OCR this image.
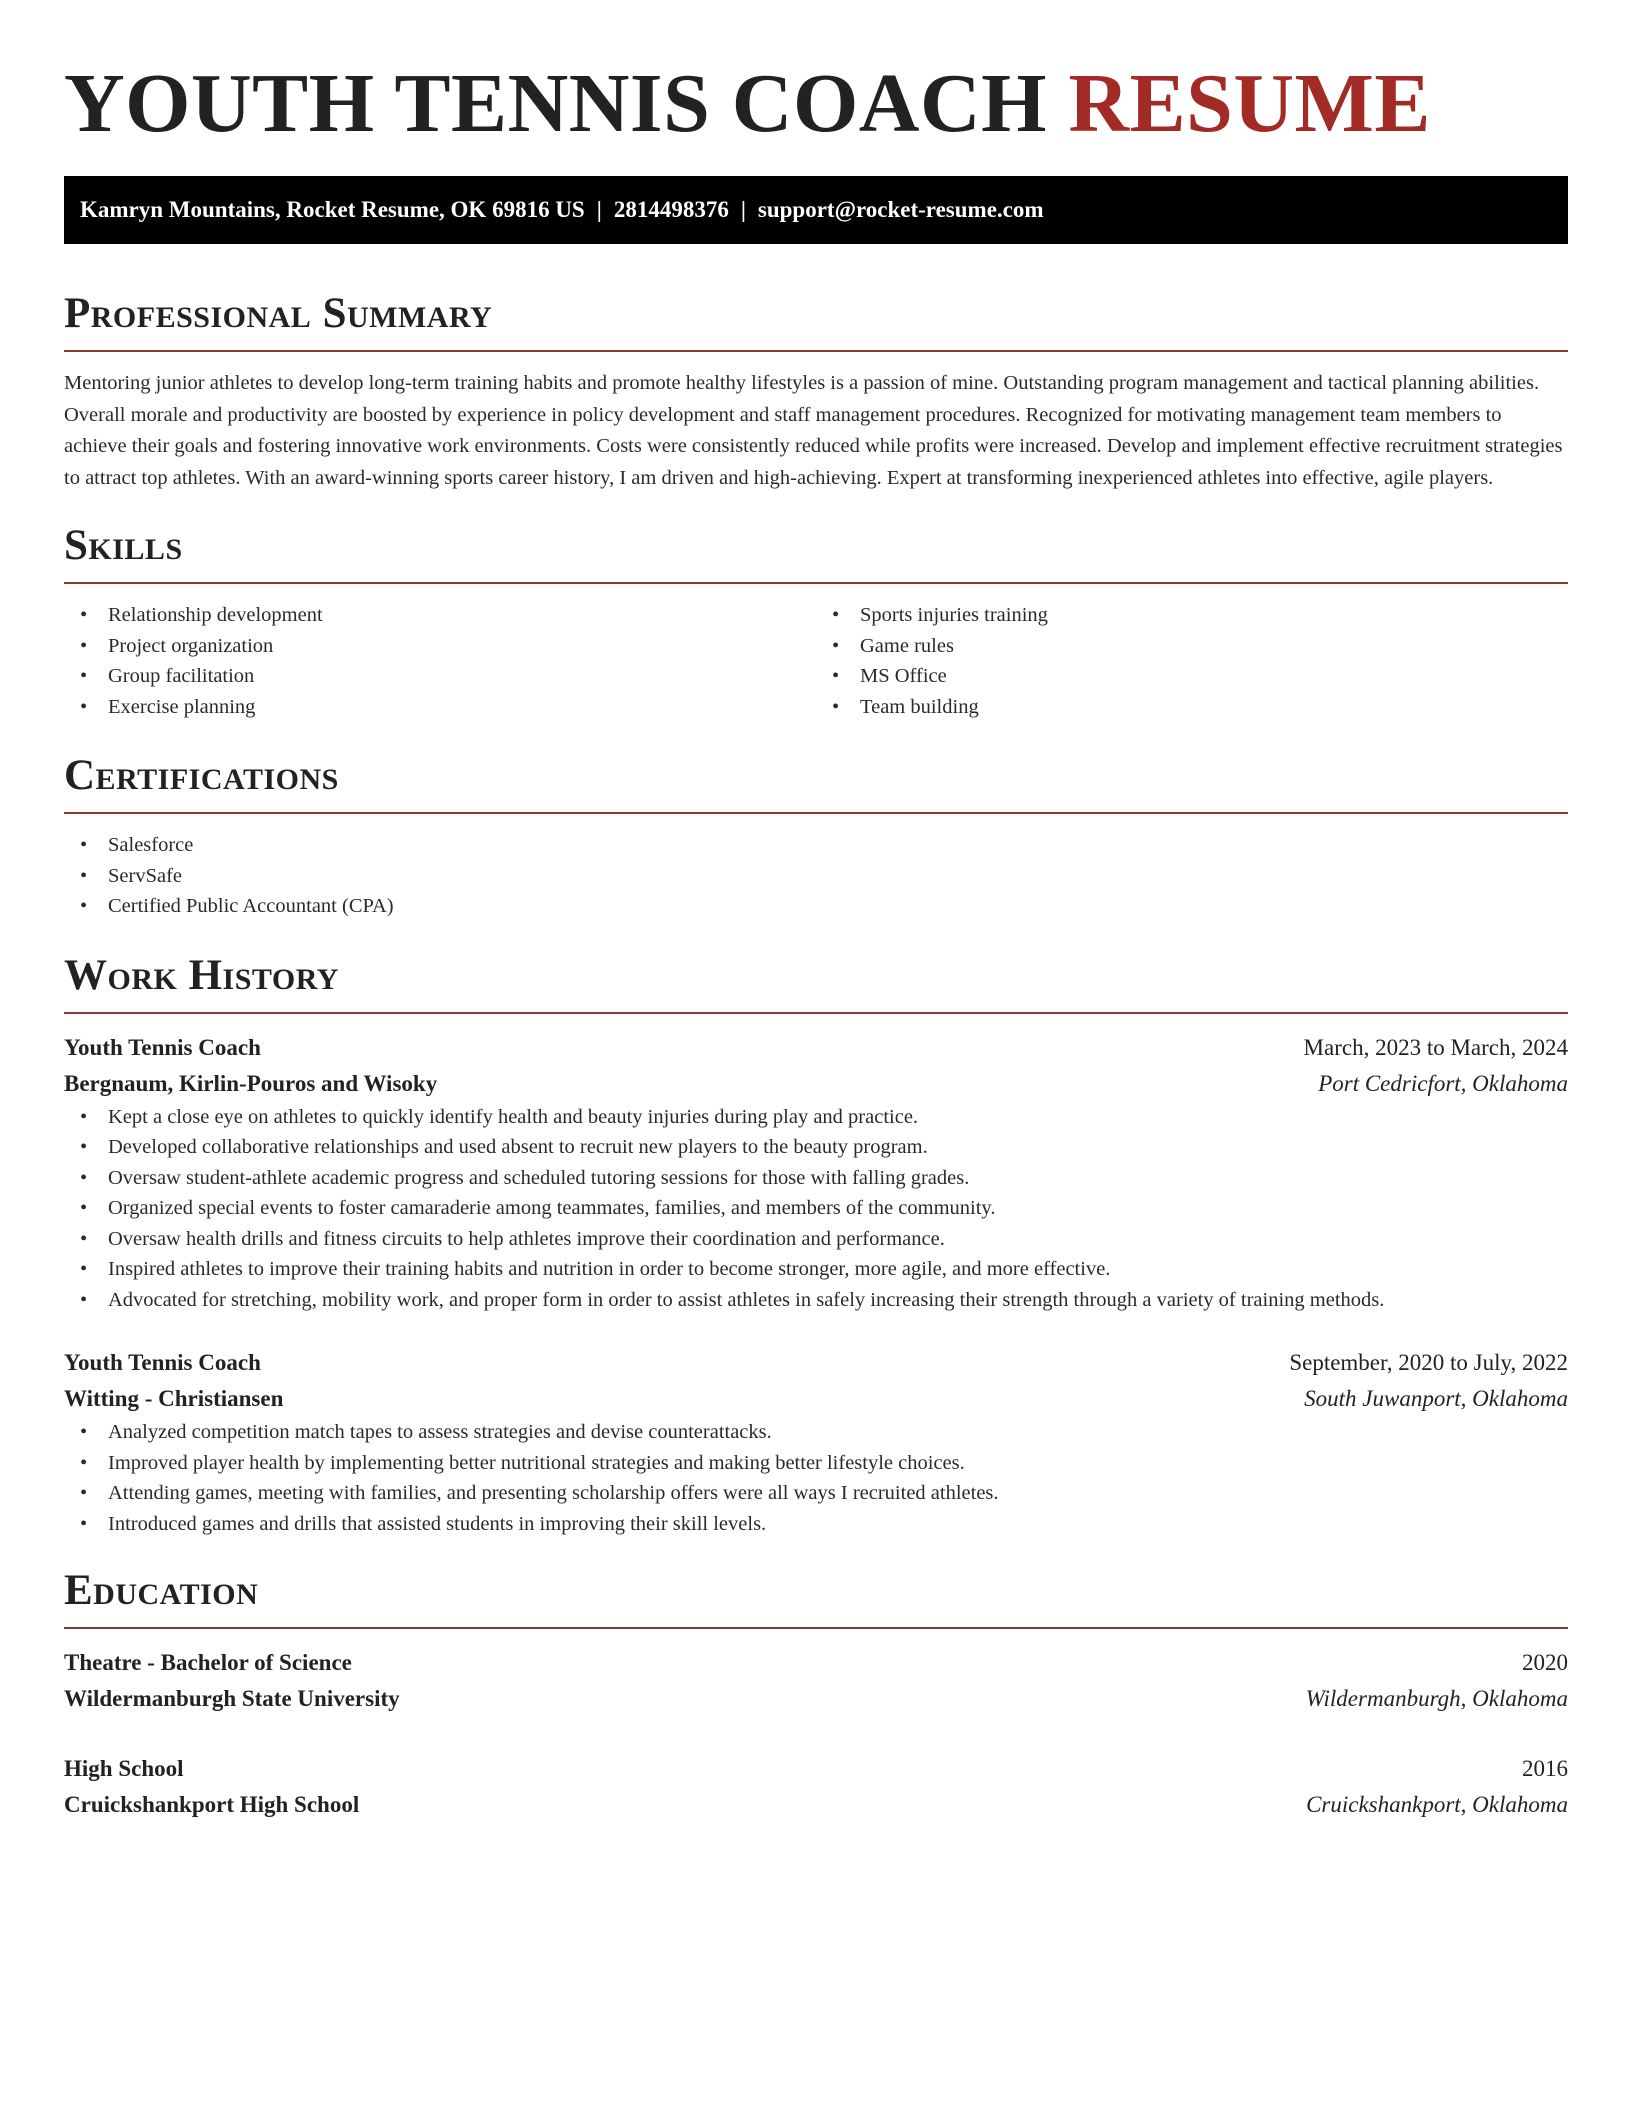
YOUTH TENNIS COACH RESUME
Kamryn Mountains, Rocket Resume, OK 69816 US | 2814498376 | support@rocket-resume.com
Professional Summary

Mentoring junior athletes to develop long-term training habits and promote healthy lifestyles is a passion of mine. Outstanding program management and tactical planning abilities. Overall morale and productivity are boosted by experience in policy development and staff management procedures. Recognized for motivating management team members to achieve their goals and fostering innovative work environments. Costs were consistently reduced while profits were increased. Develop and implement effective recruitment strategies to attract top athletes. With an award-winning sports career history, I am driven and high-achieving. Expert at transforming inexperienced athletes into effective, agile players.

Skills
• Relationship development
• Project organization
• Group facilitation
• Exercise planning
• Sports injuries training
• Game rules
• MS Office
• Team building
Certifications
• Salesforce
• ServSafe
• Certified Public Accountant (CPA)
Work History
Youth Tennis Coach	March, 2023 to March, 2024
Bergnaum, Kirlin-Pouros and Wisoky	Port Cedricfort, Oklahoma
• Kept a close eye on athletes to quickly identify health and beauty injuries during play and practice.
• Developed collaborative relationships and used absent to recruit new players to the beauty program.
• Oversaw student-athlete academic progress and scheduled tutoring sessions for those with falling grades.
• Organized special events to foster camaraderie among teammates, families, and members of the community.
• Oversaw health drills and fitness circuits to help athletes improve their coordination and performance.
• Inspired athletes to improve their training habits and nutrition in order to become stronger, more agile, and more effective.
• Advocated for stretching, mobility work, and proper form in order to assist athletes in safely increasing their strength through a variety of training methods.
Youth Tennis Coach	September, 2020 to July, 2022
Witting - Christiansen	South Juwanport, Oklahoma
• Analyzed competition match tapes to assess strategies and devise counterattacks.
• Improved player health by implementing better nutritional strategies and making better lifestyle choices.
• Attending games, meeting with families, and presenting scholarship offers were all ways I recruited athletes.
• Introduced games and drills that assisted students in improving their skill levels.
Education
Theatre - Bachelor of Science	2020
Wildermanburgh State University	Wildermanburgh, Oklahoma
High School	2016
Cruickshankport High School	Cruickshankport, Oklahoma
